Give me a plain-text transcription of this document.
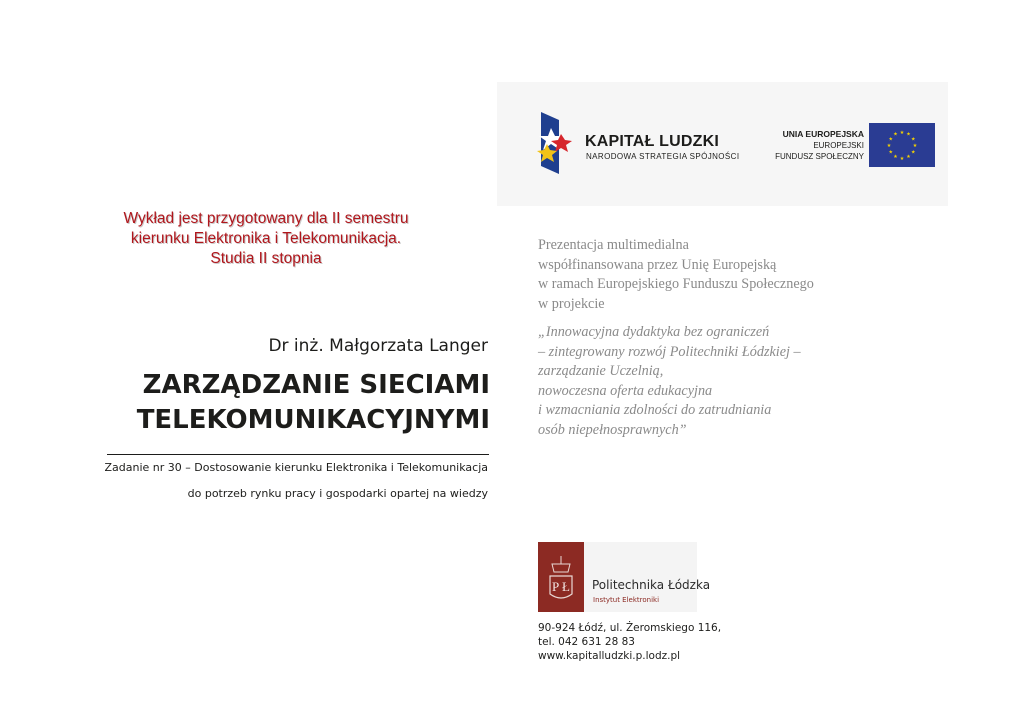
KAPITAŁ LUDZKI
NARODOWA STRATEGIA SPÓJNOŚCI
UNIA EUROPEJSKA
EUROPEJSKI
FUNDUSZ SPOŁECZNY
★
★
★
★
★
★
★
★
★ ★ ★
★
Wykład jest przygotowany dla II semestru
kierunku Elektronika i Telekomunikacja.
Studia II stopnia
Dr inż. Małgorzata Langer
ZARZĄDZANIE SIECIAMI
TELEKOMUNIKACYJNYMI
Zadanie nr 30 – Dostosowanie kierunku Elektronika i Telekomunikacja
do potrzeb rynku pracy i gospodarki opartej na wiedzy
Prezentacja multimedialna
współfinansowana przez Unię Europejską
w ramach Europejskiego Funduszu Społecznego
w projekcie
„Innowacyjna dydaktyka bez ograniczeń
– zintegrowany rozwój Politechniki Łódzkiej –
zarządzanie Uczelnią,
nowoczesna oferta edukacyjna
i wzmacniania zdolności do zatrudniania
osób niepełnosprawnych”
P Ł Politechnika Łódzka
Instytut Elektroniki
90-924 Łódź, ul. Żeromskiego 116,
tel. 042 631 28 83
www.kapitalludzki.p.lodz.pl
